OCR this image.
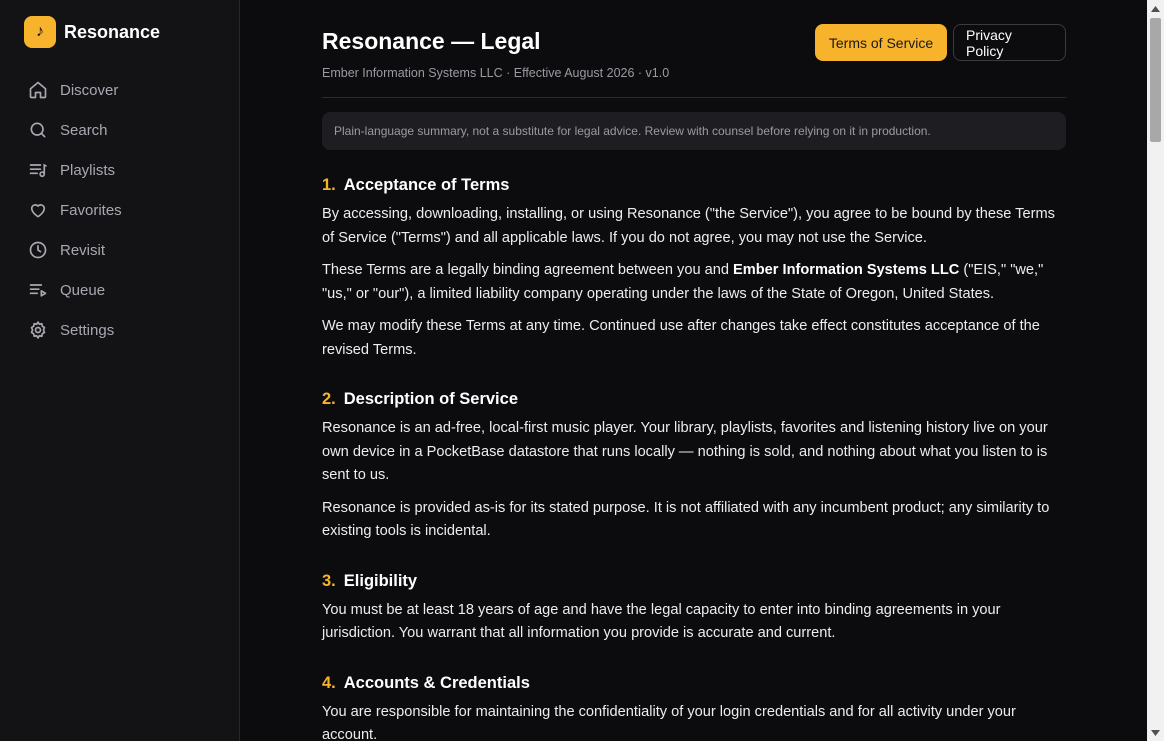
♪	Resonance
Discover
Search
Playlists
Favorites
Revisit
Queue
Settings
Resonance — Legal
Ember Information Systems LLC · Effective August 2026 · v1.0
Terms of Service	Privacy Policy
Plain-language summary, not a substitute for legal advice. Review with counsel before relying on it in production.
1. Acceptance of Terms

By accessing, downloading, installing, or using Resonance ("the Service"), you agree to be bound by these Terms of Service ("Terms") and all applicable laws. If you do not agree, you may not use the Service.

These Terms are a legally binding agreement between you and Ember Information Systems LLC ("EIS," "we," "us," or "our"), a limited liability company operating under the laws of the State of Oregon, United States.

We may modify these Terms at any time. Continued use after changes take effect constitutes acceptance of the revised Terms.

2. Description of Service

Resonance is an ad-free, local-first music player. Your library, playlists, favorites and listening history live on your own device in a PocketBase datastore that runs locally — nothing is sold, and nothing about what you listen to is sent to us.

Resonance is provided as-is for its stated purpose. It is not affiliated with any incumbent product; any similarity to existing tools is incidental.

3. Eligibility

You must be at least 18 years of age and have the legal capacity to enter into binding agreements in your jurisdiction. You warrant that all information you provide is accurate and current.

4. Accounts & Credentials

You are responsible for maintaining the confidentiality of your login credentials and for all activity under your account.
